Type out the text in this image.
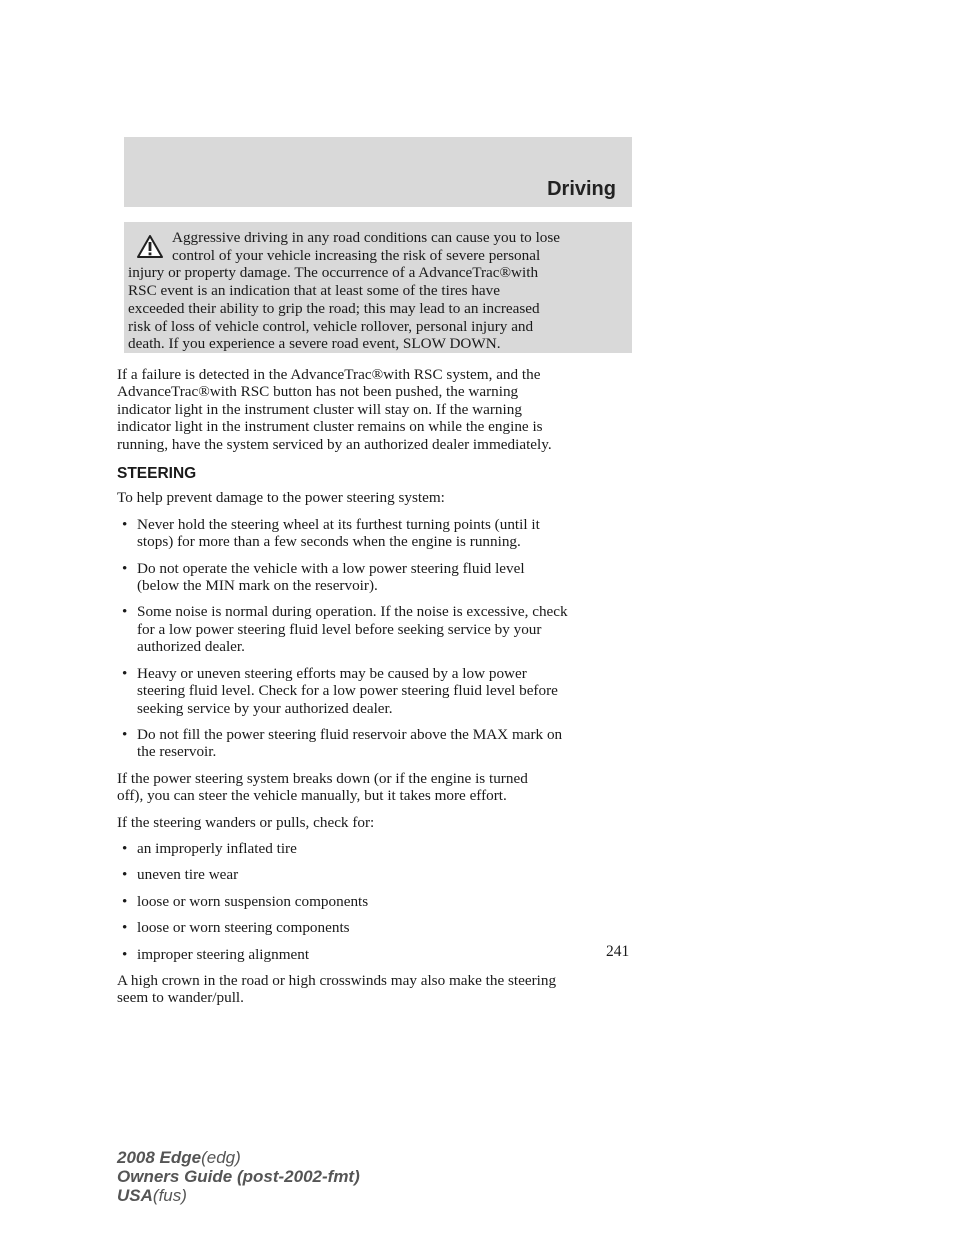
Driving
Aggressive driving in any road conditions can cause you to lose
control of your vehicle increasing the risk of severe personal
injury or property damage. The occurrence of a AdvanceTrac®with
RSC event is an indication that at least some of the tires have
exceeded their ability to grip the road; this may lead to an increased
risk of loss of vehicle control, vehicle rollover, personal injury and
death. If you experience a severe road event, SLOW DOWN.
If a failure is detected in the AdvanceTrac®with RSC system, and the
AdvanceTrac®with RSC button has not been pushed, the warning
indicator light in the instrument cluster will stay on. If the warning
indicator light in the instrument cluster remains on while the engine is
running, have the system serviced by an authorized dealer immediately.
STEERING
To help prevent damage to the power steering system:
• Never hold the steering wheel at its furthest turning points (until it
stops) for more than a few seconds when the engine is running.
• Do not operate the vehicle with a low power steering fluid level
(below the MIN mark on the reservoir).
• Some noise is normal during operation. If the noise is excessive, check
for a low power steering fluid level before seeking service by your
authorized dealer.
• Heavy or uneven steering efforts may be caused by a low power
steering fluid level. Check for a low power steering fluid level before
seeking service by your authorized dealer.
• Do not fill the power steering fluid reservoir above the MAX mark on
the reservoir.
If the power steering system breaks down (or if the engine is turned
off), you can steer the vehicle manually, but it takes more effort.
If the steering wanders or pulls, check for:
• an improperly inflated tire
• uneven tire wear
• loose or worn suspension components
• loose or worn steering components
• improper steering alignment
A high crown in the road or high crosswinds may also make the steering
seem to wander/pull.
241
2008 Edge(edg)
Owners Guide (post-2002-fmt)
USA(fus)
